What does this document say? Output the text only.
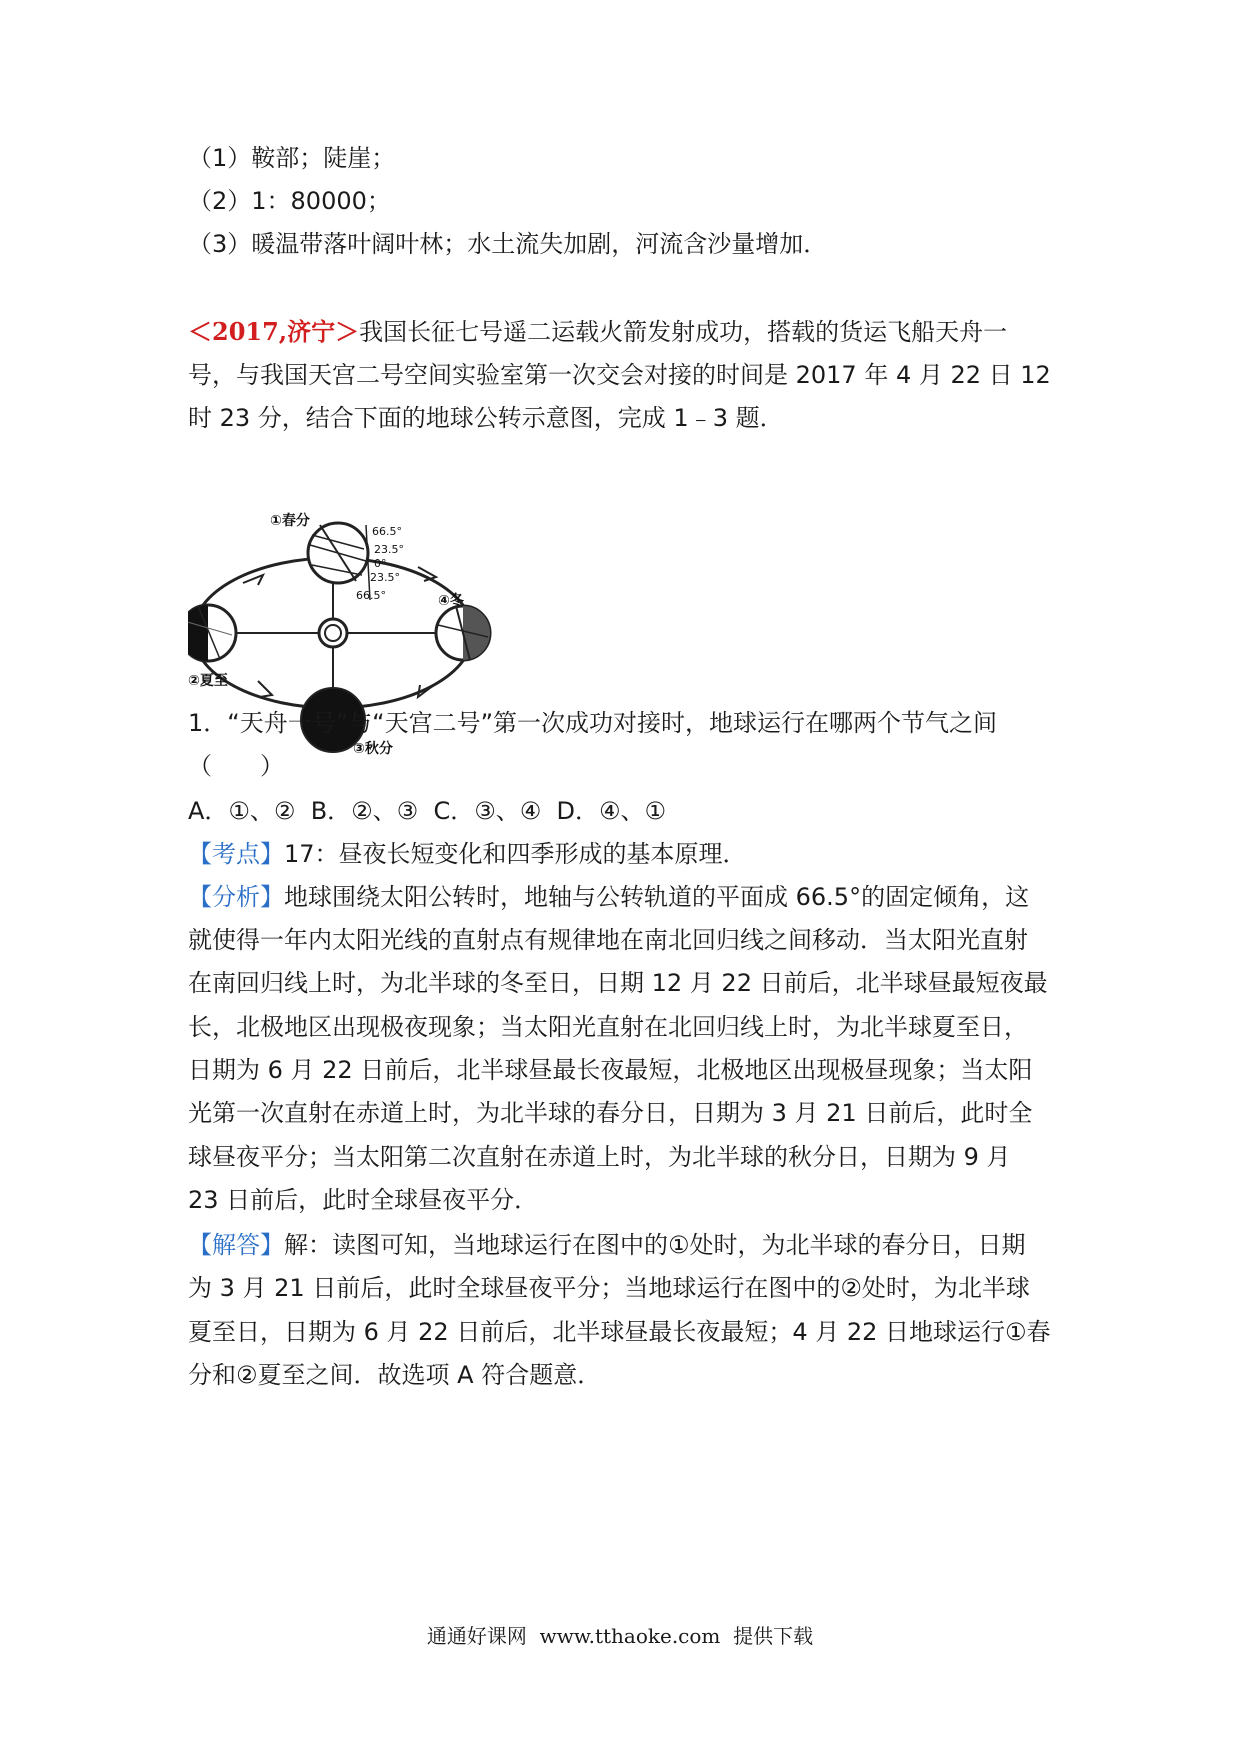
（1）鞍部；陡崖；
（2）1：80000；
（3）暖温带落叶阔叶林；水土流失加剧，河流含沙量增加．
＜2017,济宁＞我国长征七号遥二运载火箭发射成功，搭载的货运飞船天舟一
号，与我国天宫二号空间实验室第一次交会对接的时间是 2017 年 4 月 22 日 12
时 23 分，结合下面的地球公转示意图，完成 1﹣3 题．
①春分
②夏至
③秋分
④冬
66.5°
23.5°
0°
23.5°
66.5°
1．“天舟一号”与“天宫二号”第一次成功对接时，地球运行在哪两个节气之间
（　　）
A．①、②  B．②、③  C．③、④  D．④、①
【考点】17：昼夜长短变化和四季形成的基本原理．
【分析】地球围绕太阳公转时，地轴与公转轨道的平面成 66.5°的固定倾角，这
就使得一年内太阳光线的直射点有规律地在南北回归线之间移动．当太阳光直射
在南回归线上时，为北半球的冬至日，日期 12 月 22 日前后，北半球昼最短夜最
长，北极地区出现极夜现象；当太阳光直射在北回归线上时，为北半球夏至日，
日期为 6 月 22 日前后，北半球昼最长夜最短，北极地区出现极昼现象；当太阳
光第一次直射在赤道上时，为北半球的春分日，日期为 3 月 21 日前后，此时全
球昼夜平分；当太阳第二次直射在赤道上时，为北半球的秋分日，日期为 9 月
23 日前后，此时全球昼夜平分．
【解答】解：读图可知，当地球运行在图中的①处时，为北半球的春分日，日期
为 3 月 21 日前后，此时全球昼夜平分；当地球运行在图中的②处时，为北半球
夏至日，日期为 6 月 22 日前后，北半球昼最长夜最短；4 月 22 日地球运行①春
分和②夏至之间．故选项 A 符合题意．
通通好课网  www.tthaoke.com  提供下载
